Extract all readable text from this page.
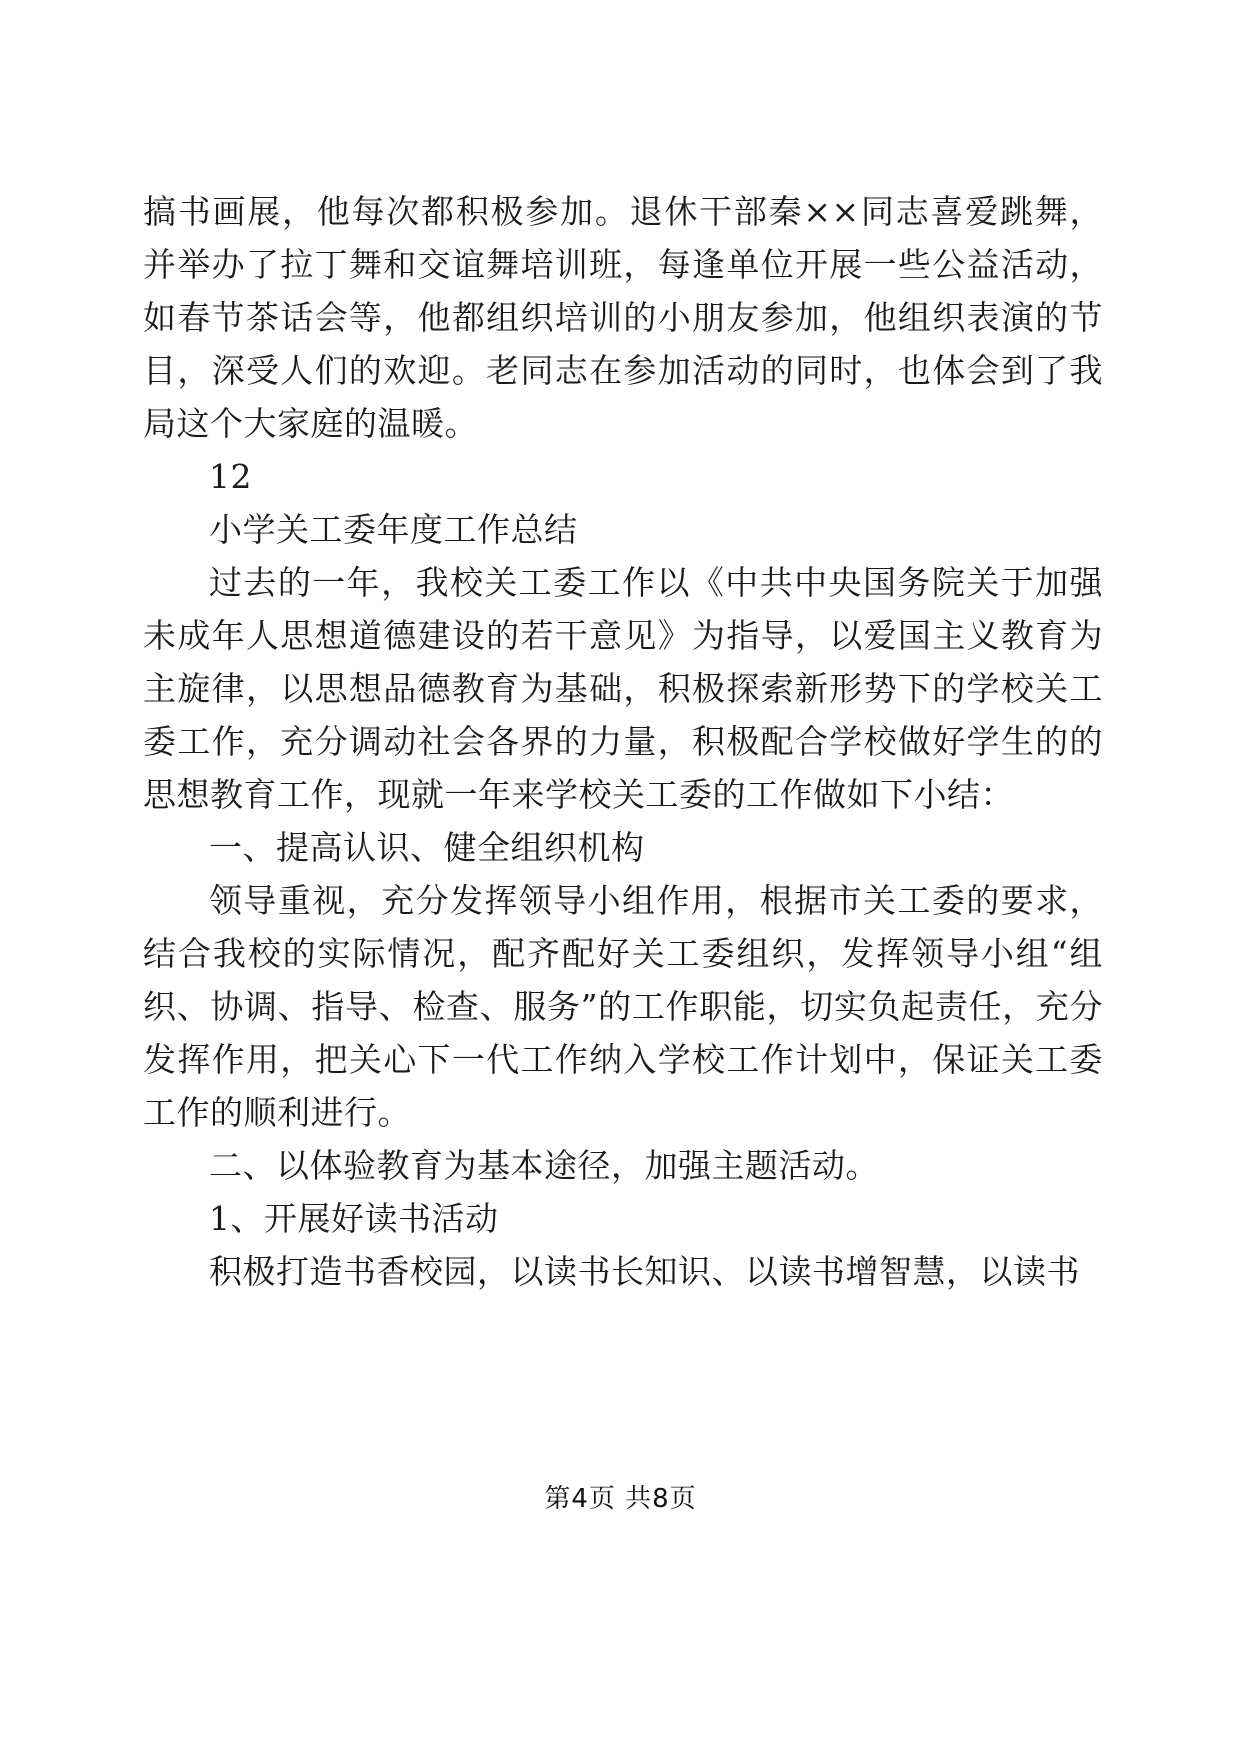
搞书画展，他每次都积极参加。退休干部秦××同志喜爱跳舞，并举办了拉丁舞和交谊舞培训班，每逢单位开展一些公益活动，如春节茶话会等，他都组织培训的小朋友参加，他组织表演的节目，深受人们的欢迎。老同志在参加活动的同时，也体会到了我局这个大家庭的温暖。

12

小学关工委年度工作总结

过去的一年，我校关工委工作以《中共中央国务院关于加强未成年人思想道德建设的若干意见》为指导，以爱国主义教育为主旋律，以思想品德教育为基础，积极探索新形势下的学校关工委工作，充分调动社会各界的力量，积极配合学校做好学生的的思想教育工作，现就一年来学校关工委的工作做如下小结：

一、提高认识、健全组织机构

领导重视，充分发挥领导小组作用，根据市关工委的要求，结合我校的实际情况，配齐配好关工委组织，发挥领导小组“组织、协调、指导、检查、服务”的工作职能，切实负起责任，充分发挥作用，把关心下一代工作纳入学校工作计划中，保证关工委工作的顺利进行。

二、以体验教育为基本途径，加强主题活动。

1、开展好读书活动

积极打造书香校园，以读书长知识、以读书增智慧，以读书

第4页 共8页
